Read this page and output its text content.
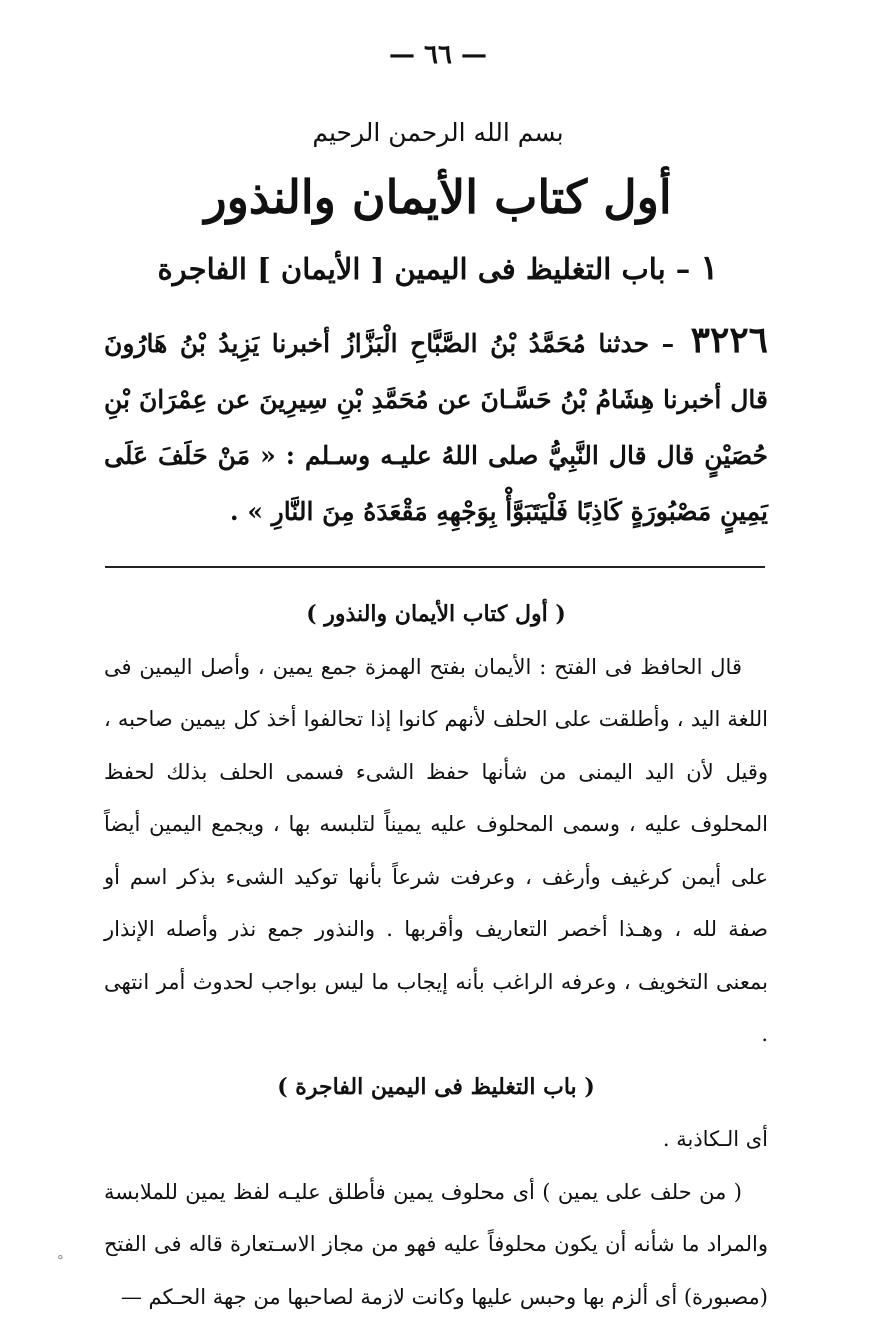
— ٦٦ —
بسم الله الرحمن الرحيم
أول كتاب الأيمان والنذور
١– باب التغليظ فى اليمين [ الأيمان ] الفاجرة
٣٢٢٦ – حدثنا مُحَمَّدُ بْنُ الصَّبَّاحِ الْبَزَّازُ أخبرنا يَزِيدُ بْنُ هَارُونَ قال أخبرنا هِشَامُ بْنُ حَسَّـانَ عن مُحَمَّدِ بْنِ سِيرِينَ عن عِمْرَانَ بْنِ حُصَيْنٍ قال قال النَّبِيُّ صلى اللهُ عليـه وسـلم : « مَنْ حَلَفَ عَلَى يَمِينٍ مَصْبُورَةٍ كَاذِبًا فَلْيَتَبَوَّأْ بِوَجْهِهِ مَقْعَدَهُ مِنَ النَّارِ » .
( أول كتاب الأيمان والنذور )
قال الحافظ فى الفتح : الأيمان بفتح الهمزة جمع يمين ، وأصل اليمين فى اللغة اليد ، وأطلقت على الحلف لأنهم كانوا إذا تحالفوا أخذ كل بيمين صاحبه ، وقيل لأن اليد اليمنى من شأنها حفظ الشىء فسمى الحلف بذلك لحفظ المحلوف عليه ، وسمى المحلوف عليه يميناً لتلبسه بها ، ويجمع اليمين أيضاً على أيمن كرغيف وأرغف ، وعرفت شرعاً بأنها توكيد الشىء بذكر اسم أو صفة لله ، وهـذا أخصر التعاريف وأقربها . والنذور جمع نذر وأصله الإنذار بمعنى التخويف ، وعرفه الراغب بأنه إيجاب ما ليس بواجب لحدوث أمر انتهى .
( باب التغليظ فى اليمين الفاجرة )
أى الـكاذبة .
( من حلف على يمين ) أى محلوف يمين فأطلق عليـه لفظ يمين للملابسة والمراد ما شأنه أن يكون محلوفاً عليه فهو من مجاز الاسـتعارة قاله فى الفتح (مصبورة) أى ألزم بها وحبس عليها وكانت لازمة لصاحبها من جهة الحـكم —
ﹾ
